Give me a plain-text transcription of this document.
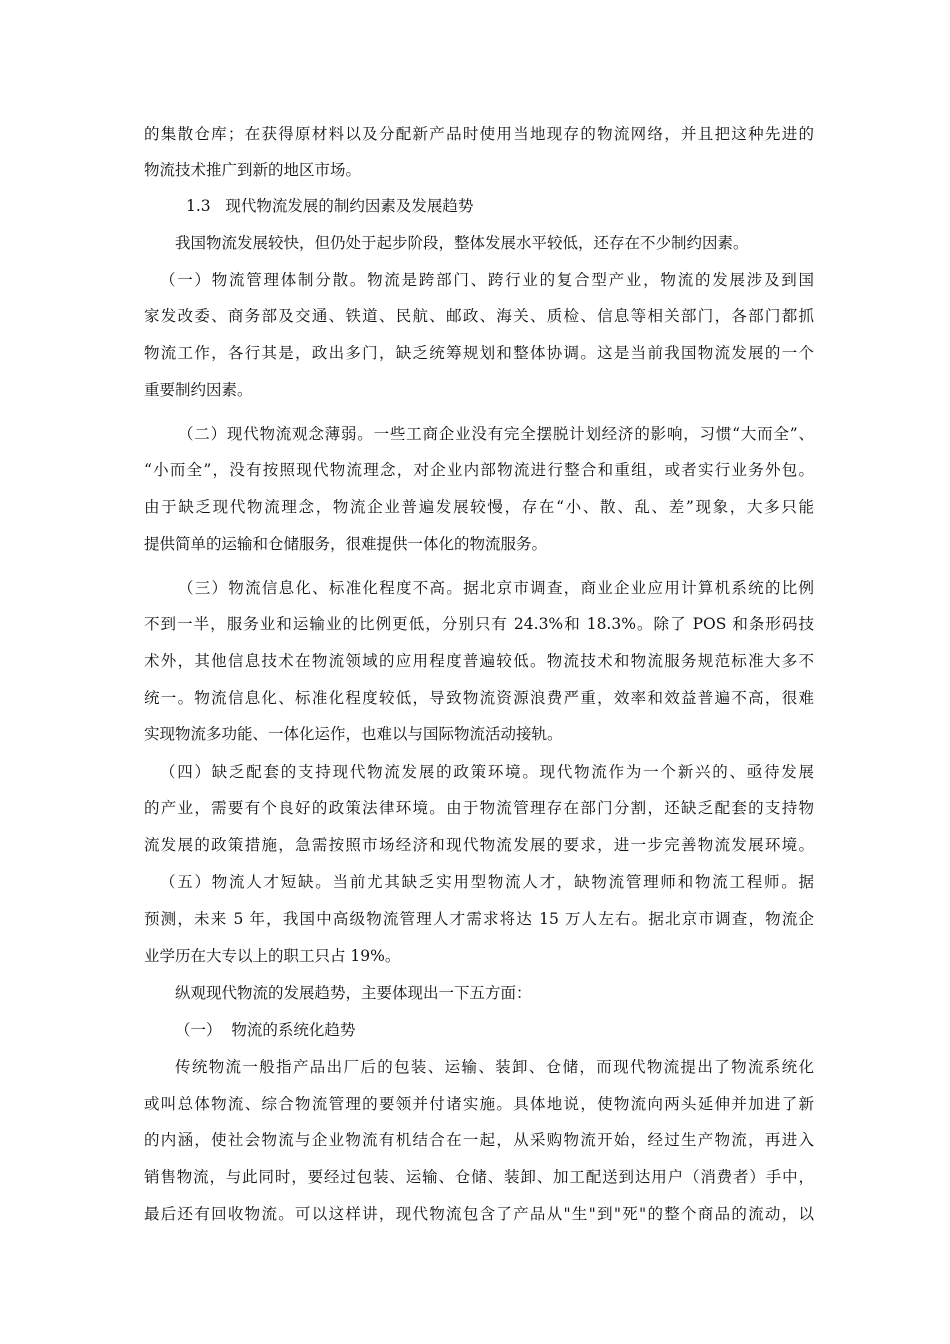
的集散仓库；在获得原材料以及分配新产品时使用当地现存的物流网络，并且把这种先进的
物流技术推广到新的地区市场。
1.3   现代物流发展的制约因素及发展趋势
我国物流发展较快，但仍处于起步阶段，整体发展水平较低，还存在不少制约因素。
（一）物流管理体制分散。物流是跨部门、跨行业的复合型产业，物流的发展涉及到国
家发改委、商务部及交通、铁道、民航、邮政、海关、质检、信息等相关部门，各部门都抓
物流工作，各行其是，政出多门，缺乏统筹规划和整体协调。这是当前我国物流发展的一个
重要制约因素。
（二）现代物流观念薄弱。一些工商企业没有完全摆脱计划经济的影响，习惯“大而全”、
“小而全”，没有按照现代物流理念，对企业内部物流进行整合和重组，或者实行业务外包。
由于缺乏现代物流理念，物流企业普遍发展较慢，存在“小、散、乱、差”现象，大多只能
提供简单的运输和仓储服务，很难提供一体化的物流服务。
（三）物流信息化、标准化程度不高。据北京市调查，商业企业应用计算机系统的比例
不到一半，服务业和运输业的比例更低，分别只有 24.3%和 18.3%。除了 POS 和条形码技
术外，其他信息技术在物流领域的应用程度普遍较低。物流技术和物流服务规范标准大多不
统一。物流信息化、标准化程度较低，导致物流资源浪费严重，效率和效益普遍不高，很难
实现物流多功能、一体化运作，也难以与国际物流活动接轨。
（四）缺乏配套的支持现代物流发展的政策环境。现代物流作为一个新兴的、亟待发展
的产业，需要有个良好的政策法律环境。由于物流管理存在部门分割，还缺乏配套的支持物
流发展的政策措施，急需按照市场经济和现代物流发展的要求，进一步完善物流发展环境。
（五）物流人才短缺。当前尤其缺乏实用型物流人才，缺物流管理师和物流工程师。据
预测，未来 5 年，我国中高级物流管理人才需求将达 15 万人左右。据北京市调查，物流企
业学历在大专以上的职工只占 19%。
纵观现代物流的发展趋势，主要体现出一下五方面：
（一）  物流的系统化趋势
传统物流一般指产品出厂后的包装、运输、装卸、仓储，而现代物流提出了物流系统化
或叫总体物流、综合物流管理的要领并付诸实施。具体地说，使物流向两头延伸并加进了新
的内涵，使社会物流与企业物流有机结合在一起，从采购物流开始，经过生产物流，再进入
销售物流，与此同时，要经过包装、运输、仓储、装卸、加工配送到达用户（消费者）手中，
最后还有回收物流。可以这样讲，现代物流包含了产品从"生"到"死"的整个商品的流动，以
